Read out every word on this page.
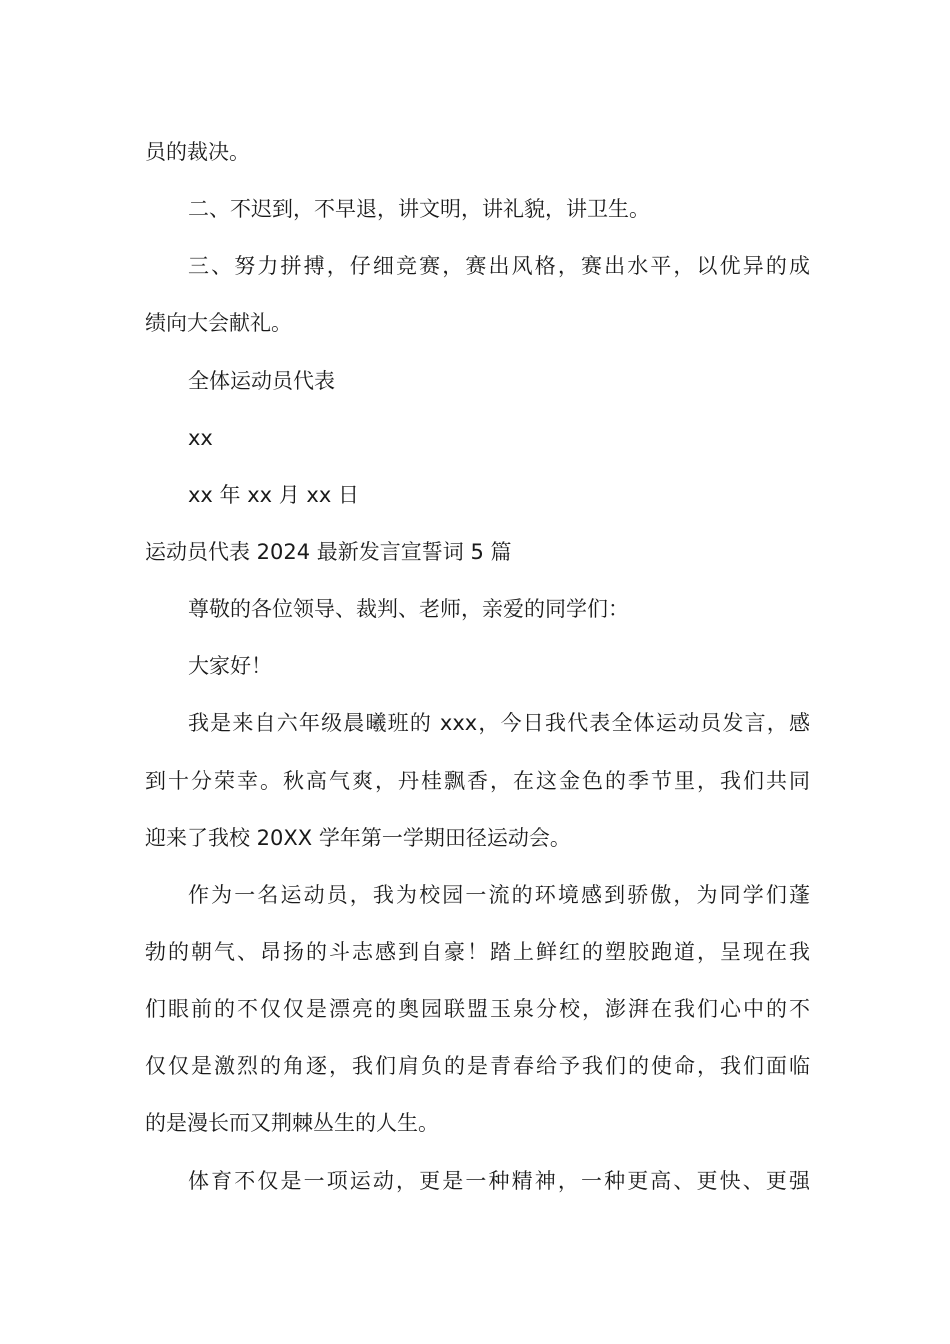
员的裁决。
二、不迟到，不早退，讲文明，讲礼貌，讲卫生。
三、努力拼搏，仔细竞赛，赛出风格，赛出水平，以优异的成
绩向大会献礼。
全体运动员代表
xx
xx 年 xx 月 xx 日
运动员代表 2024 最新发言宣誓词 5 篇
尊敬的各位领导、裁判、老师，亲爱的同学们：
大家好！
我是来自六年级晨曦班的 xxx，今日我代表全体运动员发言，感
到十分荣幸。秋高气爽，丹桂飘香，在这金色的季节里，我们共同
迎来了我校 20XX 学年第一学期田径运动会。
作为一名运动员，我为校园一流的环境感到骄傲，为同学们蓬
勃的朝气、昂扬的斗志感到自豪！踏上鲜红的塑胶跑道，呈现在我
们眼前的不仅仅是漂亮的奥园联盟玉泉分校，澎湃在我们心中的不
仅仅是激烈的角逐，我们肩负的是青春给予我们的使命，我们面临
的是漫长而又荆棘丛生的人生。
体育不仅是一项运动，更是一种精神，一种更高、更快、更强
